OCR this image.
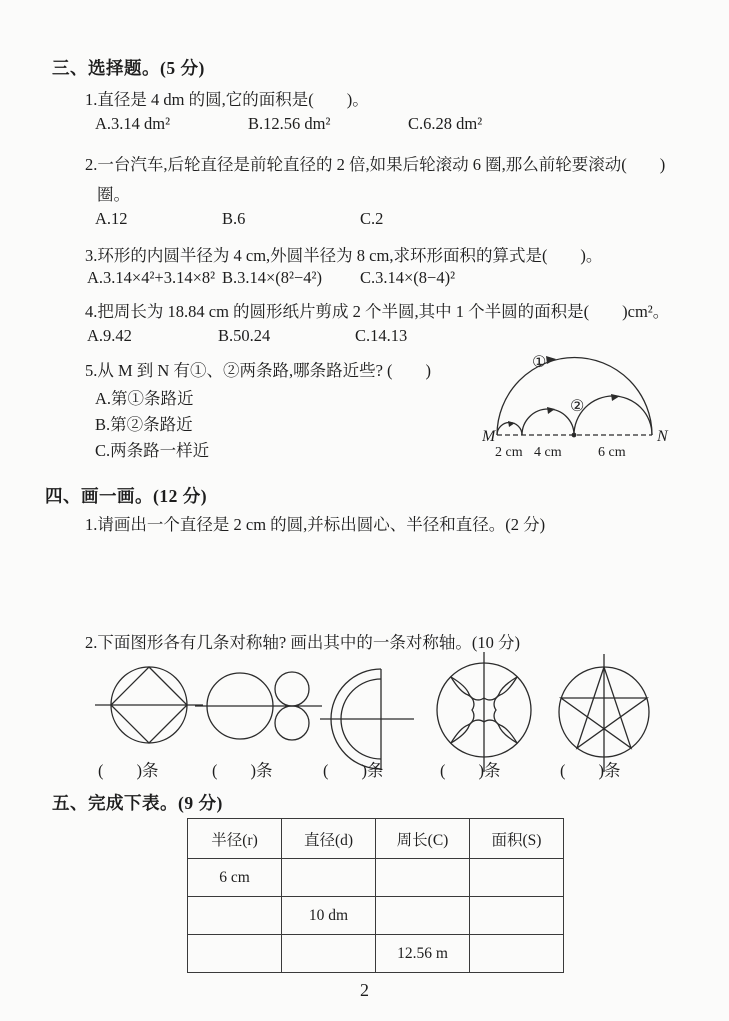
三、选择题。(5 分)
1.直径是 4 dm 的圆,它的面积是(　　)。
A.3.14 dm²	B.12.56 dm²	C.6.28 dm²
2.一台汽车,后轮直径是前轮直径的 2 倍,如果后轮滚动 6 圈,那么前轮要滚动(　　)
圈。
A.12	B.6	C.2
3.环形的内圆半径为 4 cm,外圆半径为 8 cm,求环形面积的算式是(　　)。
A.3.14×4²+3.14×8² B.3.14×(8²−4²) C.3.14×(8−4)²
4.把周长为 18.84 cm 的圆形纸片剪成 2 个半圆,其中 1 个半圆的面积是(　　)cm²。
A.9.42	B.50.24	C.14.13
5.从 M 到 N 有①、②两条路,哪条路近些? (　　)
A.第①条路近
B.第②条路近
C.两条路一样近
①
②
M	N
2 cm 4 cm	6 cm
四、画一画。(12 分)
1.请画出一个直径是 2 cm 的圆,并标出圆心、半径和直径。(2 分)
2.下面图形各有几条对称轴? 画出其中的一条对称轴。(10 分)
(　　)条	(　　)条	(　　)条	(　　)条	(　　)条
五、完成下表。(9 分)
半径(r)	直径(d)	周长(C)	面积(S)
6 cm			
	10 dm		
		12.56 m	
2
